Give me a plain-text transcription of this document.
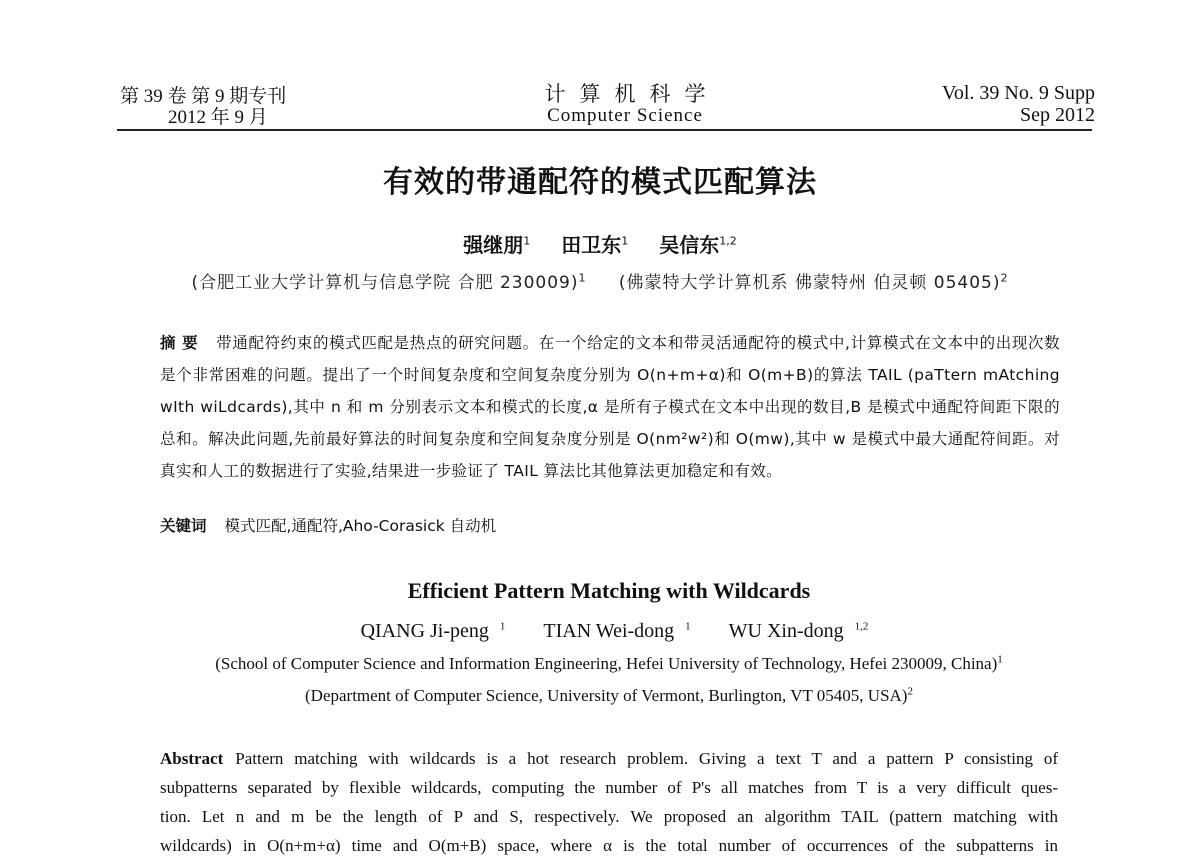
第 39 卷 第 9 期专刊
2012 年 9 月
计算机科学
Computer Science
Vol. 39 No. 9 Supp
Sep 2012
有效的带通配符的模式匹配算法
强继朋$^1$ 田卫东$^1$ 吴信东$^{1,2}$
(合肥工业大学计算机与信息学院 合肥 230009)$^1$ (佛蒙特大学计算机系 佛蒙特州 伯灵顿 05405)$^2$
摘 要 带通配符约束的模式匹配是热点的研究问题。在一个给定的文本和带灵活通配符的模式中,计算模式在文本中的出现次数是个非常困难的问题。提出了一个时间复杂度和空间复杂度分别为 O(n+m+α)和 O(m+B)的算法 TAIL (paTtern mAtching wIth wiLdcards),其中 n 和 m 分别表示文本和模式的长度,α 是所有子模式在文本中出现的数目,B 是模式中通配符间距下限的总和。解决此问题,先前最好算法的时间复杂度和空间复杂度分别是 O(nm²w²)和 O(mw),其中 w 是模式中最大通配符间距。对真实和人工的数据进行了实验,结果进一步验证了 TAIL 算法比其他算法更加稳定和有效。
关键词 模式匹配,通配符,Aho-Corasick 自动机
Efficient Pattern Matching with Wildcards
QIANG Ji-peng $^1$ TIAN Wei-dong $^1$ WU Xin-dong $^{1,2}$
(School of Computer Science and Information Engineering, Hefei University of Technology, Hefei 230009, China)$^1$
(Department of Computer Science, University of Vermont, Burlington, VT 05405, USA)$^2$
Abstract Pattern matching with wildcards is a hot research problem. Giving a text T and a pattern P consisting of
subpatterns separated by flexible wildcards, computing the number of P's all matches from T is a very difficult ques-
tion. Let n and m be the length of P and S, respectively. We proposed an algorithm TAIL (pattern matching with
wildcards) in O(n+m+α) time and O(m+B) space, where α is the total number of occurrences of the subpatterns in
